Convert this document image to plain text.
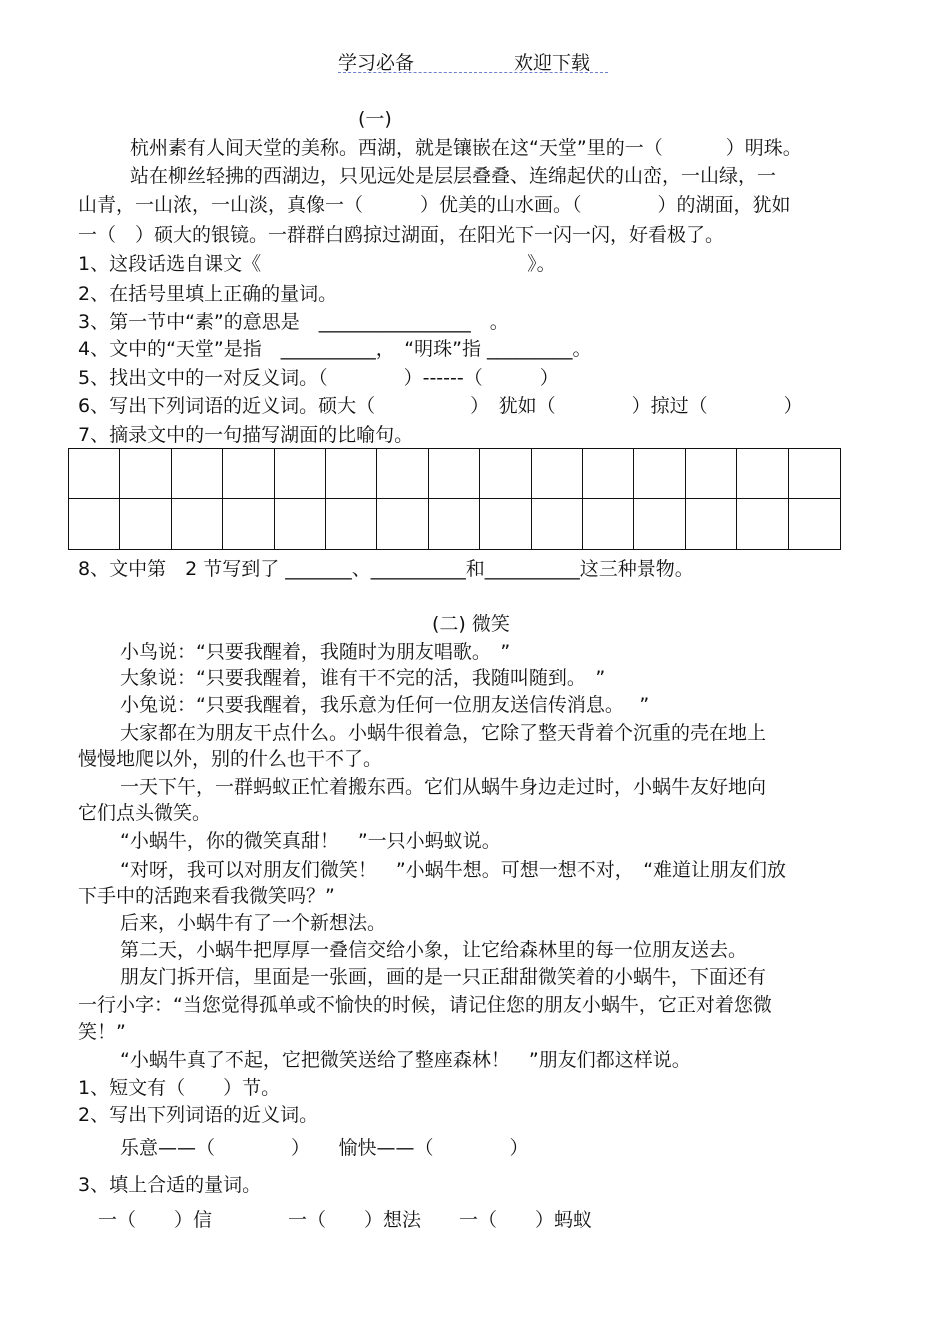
学习必备	欢迎下载
(一)
杭州素有人间天堂的美称。西湖，就是镶嵌在这“天堂”里的一（　　　 ）明珠。
站在柳丝轻拂的西湖边，只见远处是层层叠叠、连绵起伏的山峦，一山绿，一
山青，一山浓，一山淡，真像一（　　　）优美的山水画。（　　　　）的湖面，犹如
一（　）硕大的银镜。一群群白鸥掠过湖面，在阳光下一闪一闪，好看极了。
1、这段话选自课文《　　　　　　　　　　　　　　》。
2、在括号里填上正确的量词。
3、第一节中“素”的意思是　________________　。
4、文中的“天堂”是指　__________，　“明珠”指 _________。
5、找出文中的一对反义词。（　　　　）------（　　　）
6、写出下列词语的近义词。硕大（　　　　　）　犹如（　　　　）掠过（　　　　）
7、摘录文中的一句描写湖面的比喻句。
8、文中第　2 节写到了 _______、__________和__________这三种景物。
(二) 微笑
小鸟说：“只要我醒着，我随时为朋友唱歌。　”
大象说：“只要我醒着，谁有干不完的活，我随叫随到。　”
小兔说：“只要我醒着，我乐意为任何一位朋友送信传消息。　 ”
大家都在为朋友干点什么。小蜗牛很着急，它除了整天背着个沉重的壳在地上
慢慢地爬以外，别的什么也干不了。
一天下午，一群蚂蚁正忙着搬东西。它们从蜗牛身边走过时，小蜗牛友好地向
它们点头微笑。
“小蜗牛，你的微笑真甜！　”一只小蚂蚁说。
“对呀，我可以对朋友们微笑！　”小蜗牛想。可想一想不对，　“难道让朋友们放
下手中的活跑来看我微笑吗？”
后来，小蜗牛有了一个新想法。
第二天，小蜗牛把厚厚一叠信交给小象，让它给森林里的每一位朋友送去。
朋友门拆开信，里面是一张画，画的是一只正甜甜微笑着的小蜗牛，下面还有
一行小字：“当您觉得孤单或不愉快的时候，请记住您的朋友小蜗牛，它正对着您微
笑！”
“小蜗牛真了不起，它把微笑送给了整座森林！　”朋友们都这样说。
1、短文有（　　）节。
2、写出下列词语的近义词。
乐意——（　　　　）　　愉快——（　　　　）
3、填上合适的量词。
一（　　）信　　　　一（　　）想法　　一（　　）蚂蚁
